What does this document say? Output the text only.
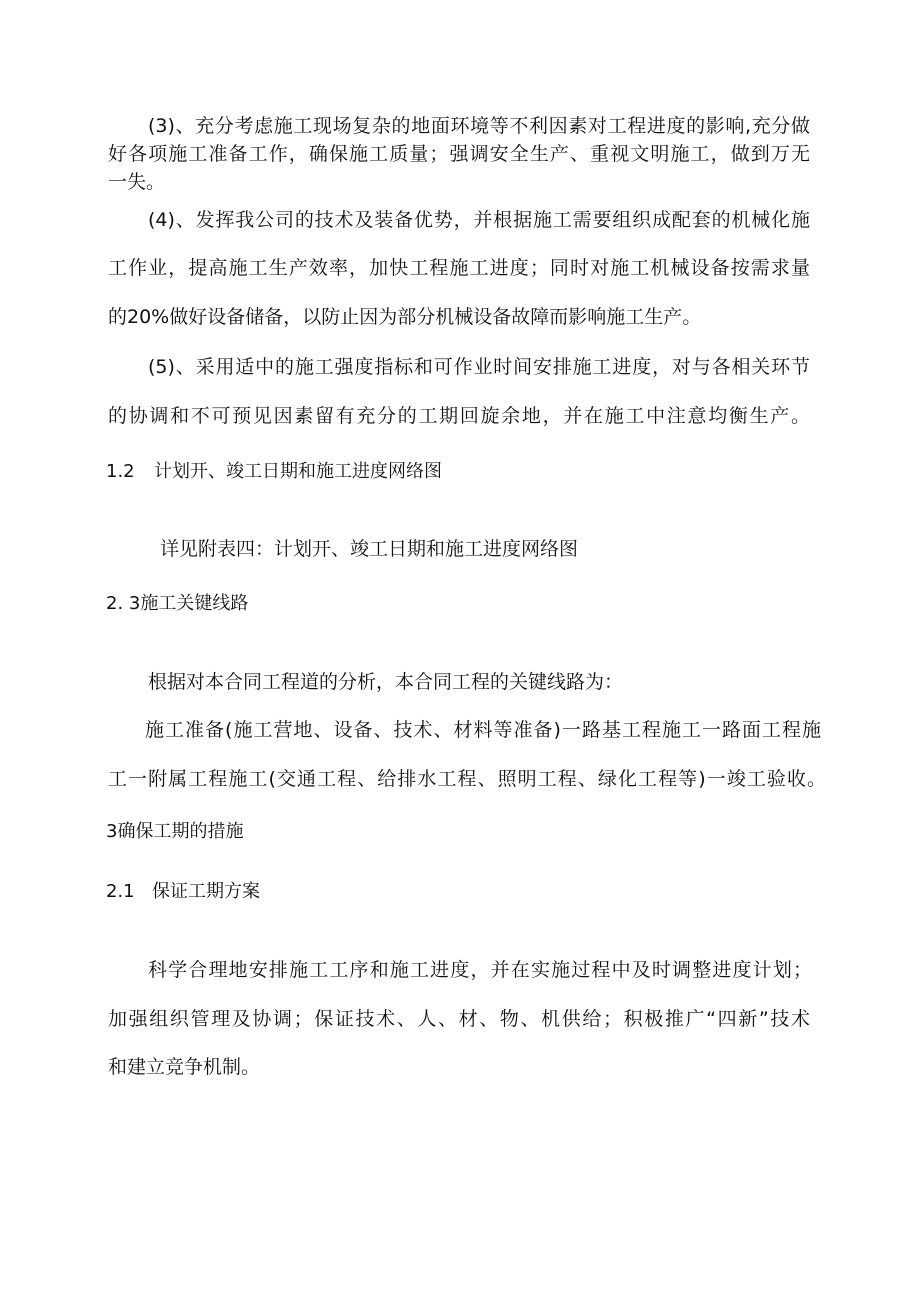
(3)、充分考虑施工现场复杂的地面环境等不利因素对工程进度的影响,充分做

好各项施工准备工作，确保施工质量；强调安全生产、重视文明施工，做到万无

一失。

(4)、发挥我公司的技术及装备优势，并根据施工需要组织成配套的机械化施

工作业，提高施工生产效率，加快工程施工进度；同时对施工机械设备按需求量

的20%做好设备储备，以防止因为部分机械设备故障而影响施工生产。

(5)、采用适中的施工强度指标和可作业时间安排施工进度，对与各相关环节

的协调和不可预见因素留有充分的工期回旋余地，并在施工中注意均衡生产。

1.2 计划开、竣工日期和施工进度网络图

详见附表四：计划开、竣工日期和施工进度网络图

2. 3施工关键线路

根据对本合同工程道的分析，本合同工程的关键线路为：

施工准备(施工营地、设备、技术、材料等准备)一路基工程施工一路面工程施

工一附属工程施工(交通工程、给排水工程、照明工程、绿化工程等)一竣工验收。

3确保工期的措施
2.1 保证工期方案

科学合理地安排施工工序和施工进度，并在实施过程中及时调整进度计划；

加强组织管理及协调；保证技术、人、材、物、机供给；积极推广“四新”技术

和建立竞争机制。
